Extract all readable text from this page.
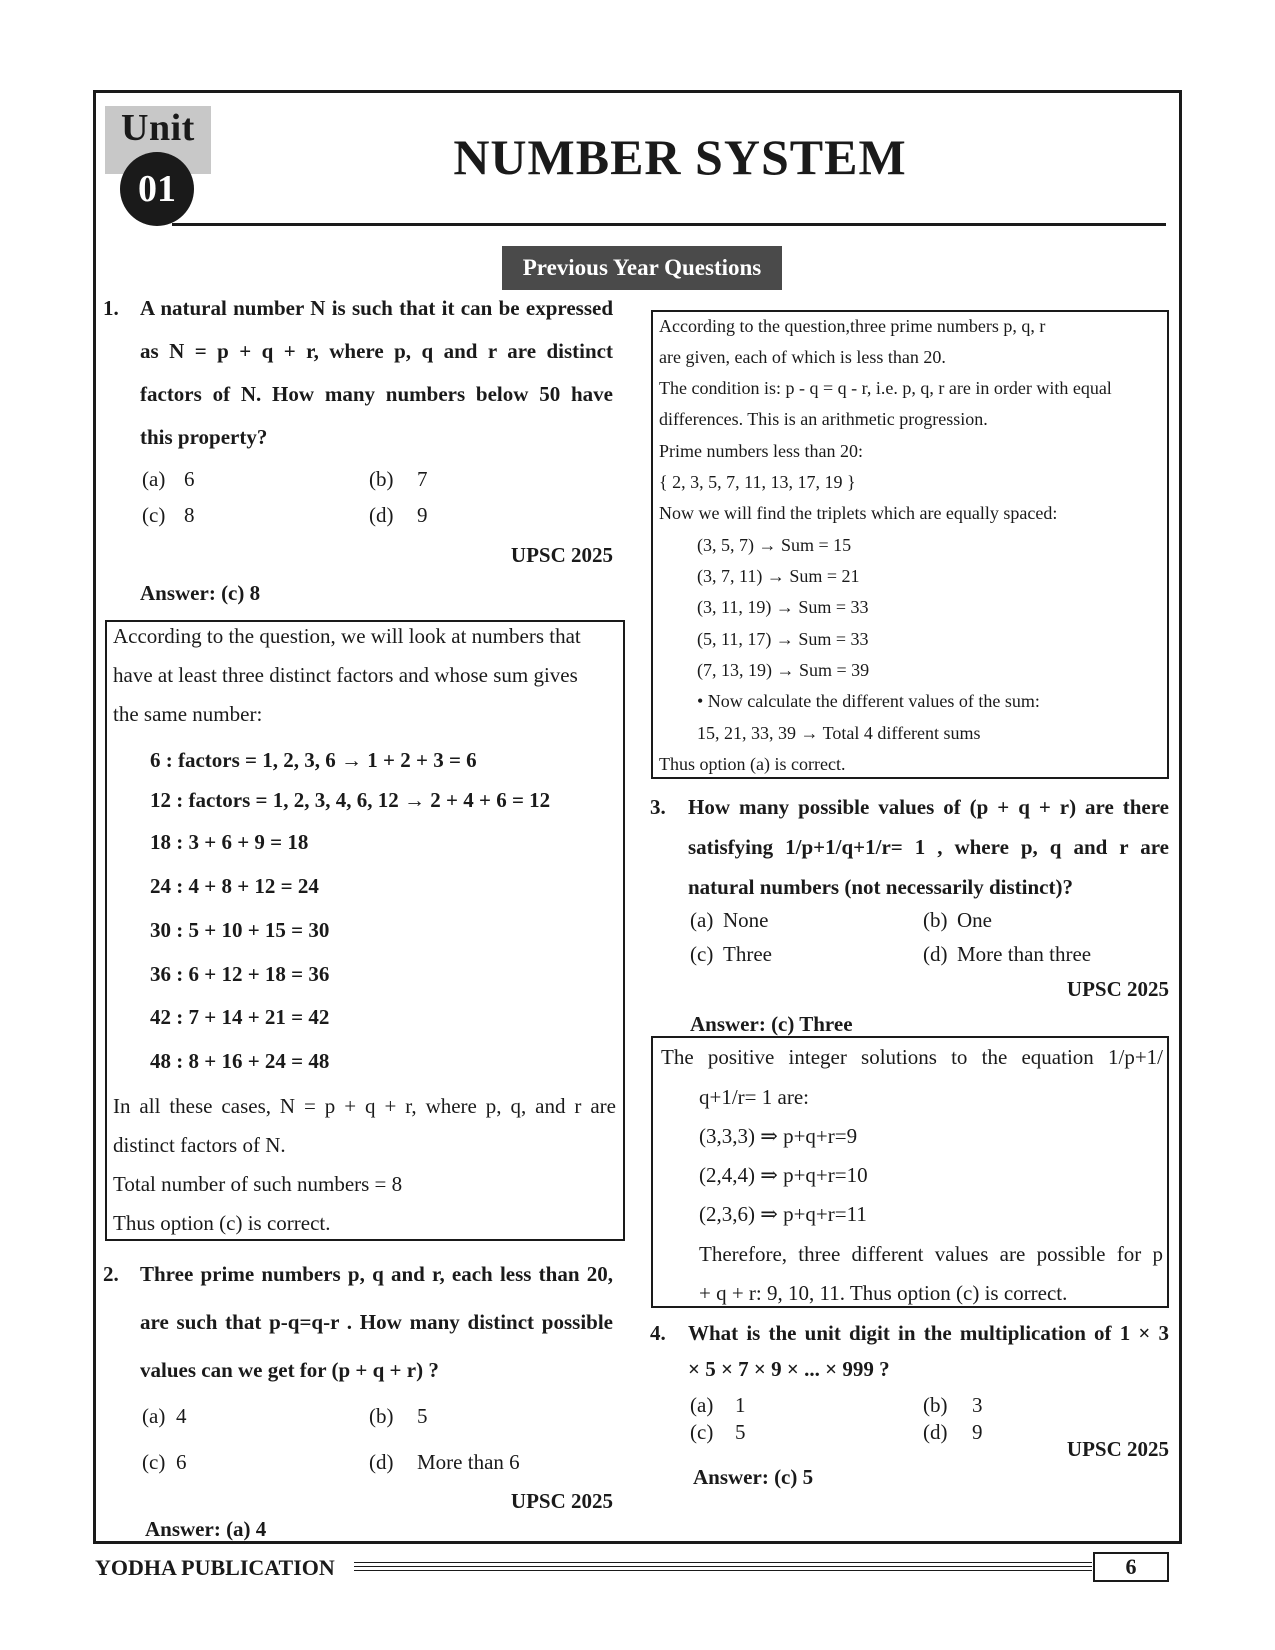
Unit
01
NUMBER SYSTEM
Previous Year Questions
1. A natural number N is such that it can be expressed
as N = p + q + r, where p, q and r are distinct
factors of N. How many numbers below 50 have
this property?
(a) 6	(b) 7
(c) 8	(d) 9
UPSC 2025
Answer: (c) 8
According to the question, we will look at numbers that
have at least three distinct factors and whose sum gives
the same number:
6 : factors = 1, 2, 3, 6 → 1 + 2 + 3 = 6
12 : factors = 1, 2, 3, 4, 6, 12 → 2 + 4 + 6 = 12
18 : 3 + 6 + 9 = 18
24 : 4 + 8 + 12 = 24
30 : 5 + 10 + 15 = 30
36 : 6 + 12 + 18 = 36
42 : 7 + 14 + 21 = 42
48 : 8 + 16 + 24 = 48
In all these cases, N = p + q + r, where p, q, and r are
distinct factors of N.
Total number of such numbers = 8
Thus option (c) is correct.
2. Three prime numbers p, q and r, each less than 20,
are such that p-q=q-r . How many distinct possible
values can we get for (p + q + r) ?
(a) 4	(b) 5
(c) 6	(d) More than 6
UPSC 2025
Answer: (a) 4
According to the question,three prime numbers p, q, r
are given, each of which is less than 20.
The condition is: p - q = q - r, i.e. p, q, r are in order with equal
differences. This is an arithmetic progression.
Prime numbers less than 20:
{ 2, 3, 5, 7, 11, 13, 17, 19 }
Now we will find the triplets which are equally spaced:
(3, 5, 7) → Sum = 15
(3, 7, 11) → Sum = 21
(3, 11, 19) → Sum = 33
(5, 11, 17) → Sum = 33
(7, 13, 19) → Sum = 39
• Now calculate the different values of the sum:
15, 21, 33, 39 → Total 4 different sums
Thus option (a) is correct.
3. How many possible values of (p + q + r) are there
satisfying 1/p+1/q+1/r= 1 , where p, q and r are
natural numbers (not necessarily distinct)?
(a) None	(b) One
(c) Three	(d) More than three
UPSC 2025
Answer: (c) Three
The positive integer solutions to the equation 1/p+1/
q+1/r= 1 are:
(3,3,3) ⇒ p+q+r=9
(2,4,4) ⇒ p+q+r=10
(2,3,6) ⇒ p+q+r=11
Therefore, three different values are possible for p
+ q + r: 9, 10, 11. Thus option (c) is correct.
4. What is the unit digit in the multiplication of 1 × 3
× 5 × 7 × 9 × ... × 999 ?
(a) 1	(b) 3
(c) 5	(d) 9
UPSC 2025
Answer: (c) 5
YODHA PUBLICATION	6
